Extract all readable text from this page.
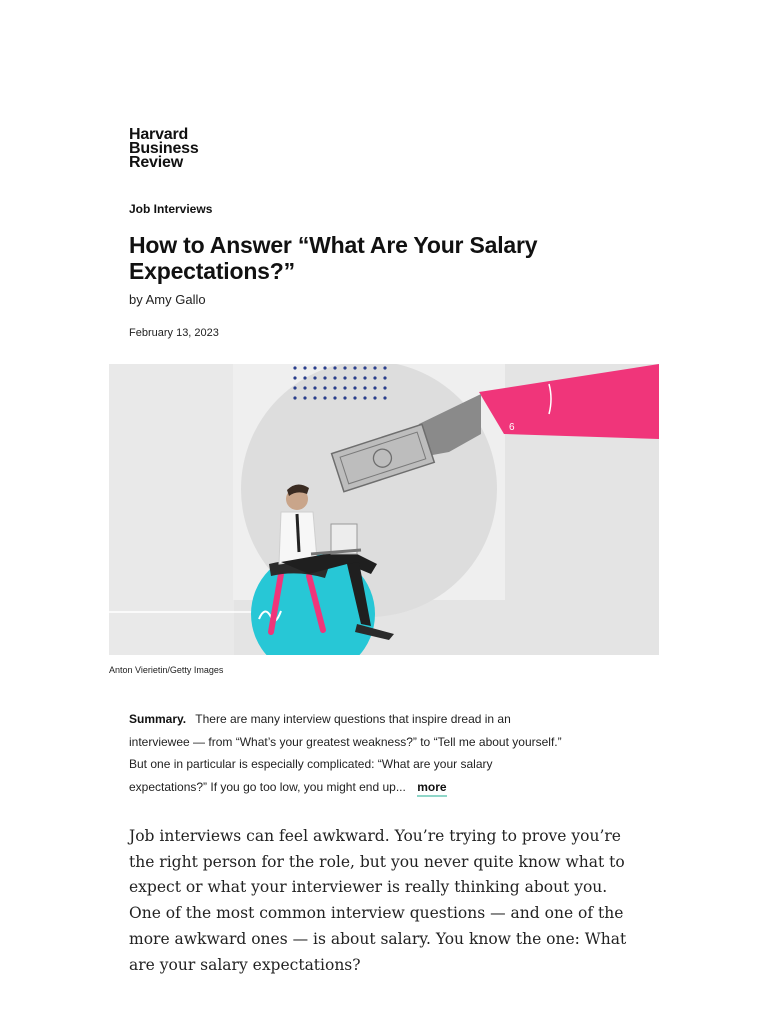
Harvard
Business
Review
Job Interviews
How to Answer “What Are Your Salary Expectations?”
by Amy Gallo
February 13, 2023
6
Anton Vierietin/Getty Images

Summary. There are many interview questions that inspire dread in an interviewee — from “What’s your greatest weakness?” to “Tell me about yourself.” But one in particular is especially complicated: “What are your salary expectations?” If you go too low, you might end up... more

Job interviews can feel awkward. You’re trying to prove you’re the right person for the role, but you never quite know what to expect or what your interviewer is really thinking about you. One of the most common interview questions — and one of the more awkward ones — is about salary. You know the one: What are your salary expectations?
